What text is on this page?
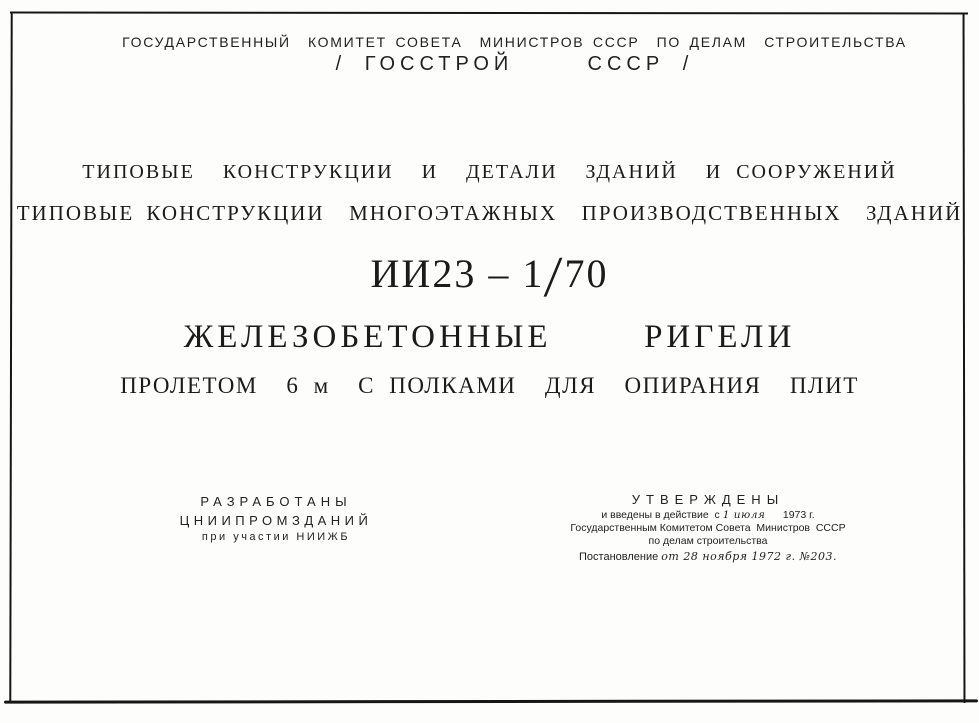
ГОСУДАРСТВЕННЫЙ  КОМИТЕТ СОВЕТА  МИНИСТРОВ СССР  ПО ДЕЛАМ  СТРОИТЕЛЬСТВА
/ ГОССТРОЙ    СССР /
ТИПОВЫЕ  КОНСТРУКЦИИ  И  ДЕТАЛИ  ЗДАНИЙ  И СООРУЖЕНИЙ
ТИПОВЫЕ КОНСТРУКЦИИ  МНОГОЭТАЖНЫХ  ПРОИЗВОДСТВЕННЫХ  ЗДАНИЙ
ИИ23 – 1/70
ЖЕЛЕЗОБЕТОННЫЕ  РИГЕЛИ
ПРОЛЕТОМ  6 м  С ПОЛКАМИ  ДЛЯ  ОПИРАНИЯ  ПЛИТ
РАЗРАБОТАНЫ
ЦНИИПРОМЗДАНИЙ
при участии НИИЖБ
УТВЕРЖДЕНЫ
и введены в действие  с 1 июля      1973 г.
Государственным Комитетом Совета  Министров  СССР
по делам строительства
Постановление от 28 ноября 1972 г. №203.
